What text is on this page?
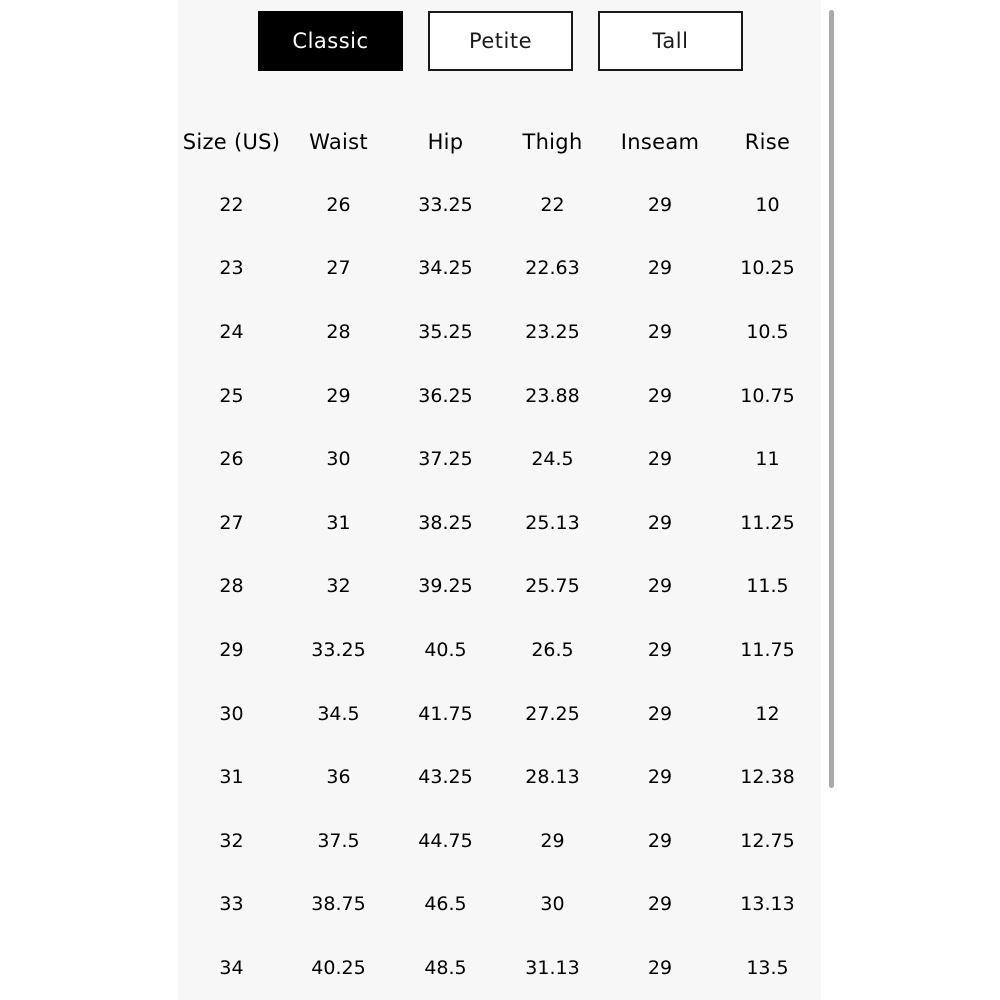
Classic	Petite	Tall
Size (US)	Waist	Hip	Thigh	Inseam	Rise
22	26	33.25	22	29	10
23	27	34.25	22.63	29	10.25
24	28	35.25	23.25	29	10.5
25	29	36.25	23.88	29	10.75
26	30	37.25	24.5	29	11
27	31	38.25	25.13	29	11.25
28	32	39.25	25.75	29	11.5
29	33.25	40.5	26.5	29	11.75
30	34.5	41.75	27.25	29	12
31	36	43.25	28.13	29	12.38
32	37.5	44.75	29	29	12.75
33	38.75	46.5	30	29	13.13
34	40.25	48.5	31.13	29	13.5
